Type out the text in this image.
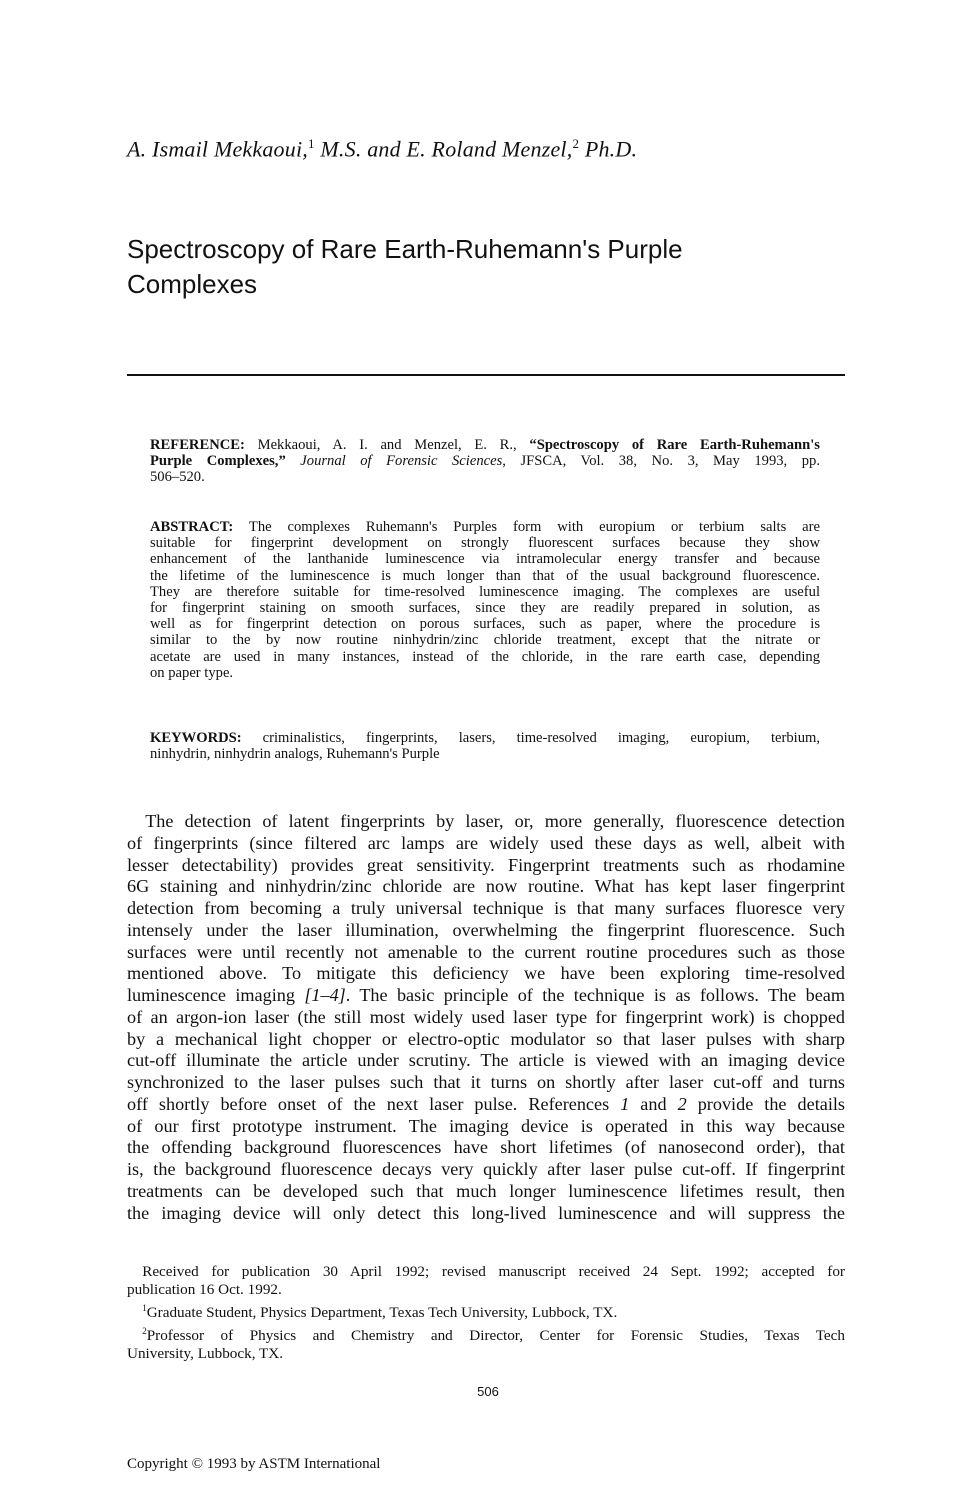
A. Ismail Mekkaoui,$^1$ M.S. and E. Roland Menzel,$^2$ Ph.D.
Spectroscopy of Rare Earth-Ruhemann's Purple
Complexes
REFERENCE: Mekkaoui, A. I. and Menzel, E. R., “Spectroscopy of Rare Earth-Ruhemann's
Purple Complexes,” Journal of Forensic Sciences, JFSCA, Vol. 38, No. 3, May 1993, pp.
506–520.
ABSTRACT: The complexes Ruhemann's Purples form with europium or terbium salts are
suitable for fingerprint development on strongly fluorescent surfaces because they show
enhancement of the lanthanide luminescence via intramolecular energy transfer and because
the lifetime of the luminescence is much longer than that of the usual background fluorescence.
They are therefore suitable for time-resolved luminescence imaging. The complexes are useful
for fingerprint staining on smooth surfaces, since they are readily prepared in solution, as
well as for fingerprint detection on porous surfaces, such as paper, where the procedure is
similar to the by now routine ninhydrin/zinc chloride treatment, except that the nitrate or
acetate are used in many instances, instead of the chloride, in the rare earth case, depending
on paper type.
KEYWORDS: criminalistics, fingerprints, lasers, time-resolved imaging, europium, terbium,
ninhydrin, ninhydrin analogs, Ruhemann's Purple
 The detection of latent fingerprints by laser, or, more generally, fluorescence detection
of fingerprints (since filtered arc lamps are widely used these days as well, albeit with
lesser detectability) provides great sensitivity. Fingerprint treatments such as rhodamine
6G staining and ninhydrin/zinc chloride are now routine. What has kept laser fingerprint
detection from becoming a truly universal technique is that many surfaces fluoresce very
intensely under the laser illumination, overwhelming the fingerprint fluorescence. Such
surfaces were until recently not amenable to the current routine procedures such as those
mentioned above. To mitigate this deficiency we have been exploring time-resolved
luminescence imaging [1–4]. The basic principle of the technique is as follows. The beam
of an argon-ion laser (the still most widely used laser type for fingerprint work) is chopped
by a mechanical light chopper or electro-optic modulator so that laser pulses with sharp
cut-off illuminate the article under scrutiny. The article is viewed with an imaging device
synchronized to the laser pulses such that it turns on shortly after laser cut-off and turns
off shortly before onset of the next laser pulse. References 1 and 2 provide the details
of our first prototype instrument. The imaging device is operated in this way because
the offending background fluorescences have short lifetimes (of nanosecond order), that
is, the background fluorescence decays very quickly after laser pulse cut-off. If fingerprint
treatments can be developed such that much longer luminescence lifetimes result, then
the imaging device will only detect this long-lived luminescence and will suppress the
 Received for publication 30 April 1992; revised manuscript received 24 Sept. 1992; accepted for
publication 16 Oct. 1992.
 $^1$Graduate Student, Physics Department, Texas Tech University, Lubbock, TX.
 $^2$Professor of Physics and Chemistry and Director, Center for Forensic Studies, Texas Tech
University, Lubbock, TX.
506
Copyright © 1993 by ASTM International
